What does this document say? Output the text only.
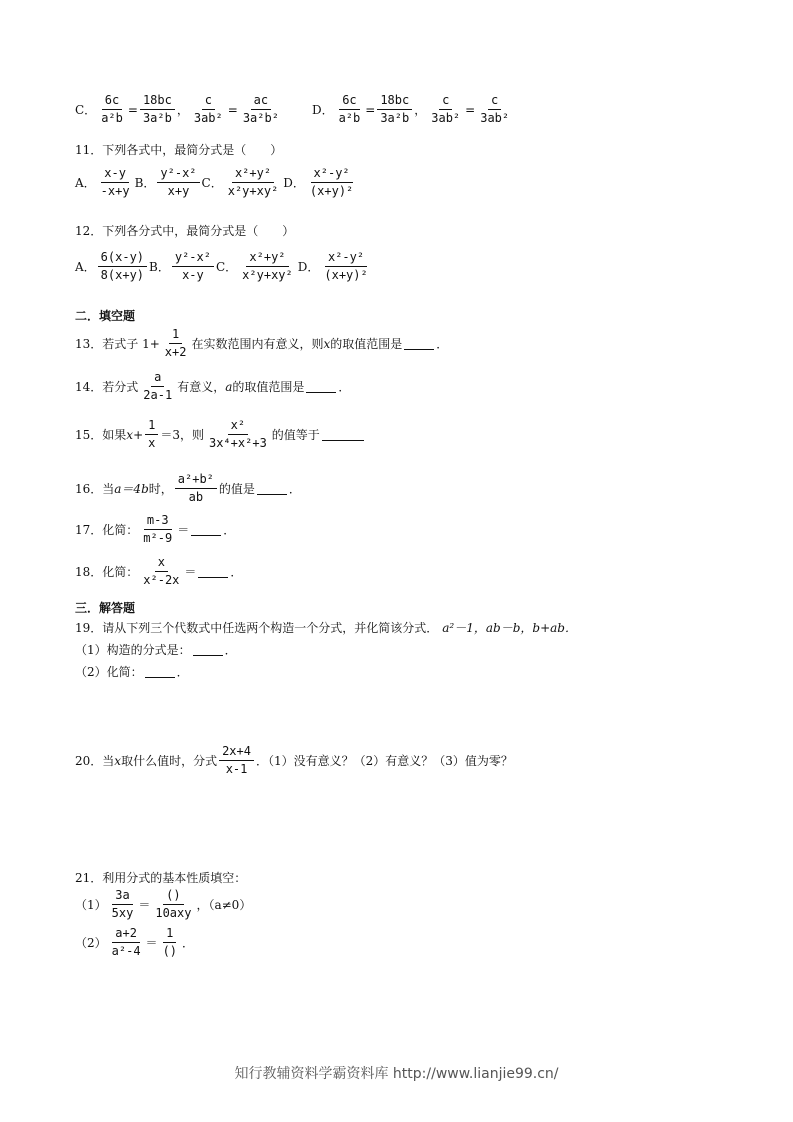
C． $\frac{6c}{\text{a²b}} = \frac{18bc}{\text{3a²b}}$ ， $\frac{c}{\text{3ab²}} = \frac{ac}{\text{3a²b²}}$	D． $\frac{6c}{\text{a²b}} = \frac{18bc}{\text{3a²b}}$ ， $\frac{c}{\text{3ab²}} = \frac{c}{\text{3ab²}}$
11．下列各式中，最简分式是（　　）
A． $\frac{x-y}{-x+y}$ B． $\frac{\text{y²-x²}}{x+y}$ C． $\frac{\text{x²+y²}}{\text{x²y+xy²}}$ D． $\frac{\text{x²-y²}}{\text{(x+y)²}}$
12．下列各分式中，最简分式是（　　）
A． $\frac{6(x-y)}{8(x+y)}$ B． $\frac{\text{y²-x²}}{x-y}$ C． $\frac{\text{x²+y²}}{\text{x²y+xy²}}$ D． $\frac{\text{x²-y²}}{\text{(x+y)²}}$
二．填空题
13．若式子 $1+ \frac{1}{x+2}$ 在实数范围内有意义，则 x 的取值范围是	．
14．若分式 $\frac{a}{2a-1}$ 有意义， a 的取值范围是	．
15．如果 $x + \frac{1}{x} =3$，则 $\frac{\text{x²}}{\text{3x⁴+x²+3}}$ 的值等于
16．当 a＝4b 时， $\frac{\text{a²+b²}}{ab}$ 的值是	．
17．化简： $\frac{m-3}{\text{m²-9}}$ ＝	．
18．化简： $\frac{x}{\text{x²-2x}}$ ＝	．
三．解答题
19．请从下列三个代数式中任选两个构造一个分式，并化简该分式． a²－1，ab－b，b+ab．
（1）构造的分式是：	．
（2）化简：	．
20．当 x 取什么值时，分式 $\frac{2x+4}{x-1}$ ．（1）没有意义？（2）有意义？（3）值为零？
21．利用分式的基本性质填空：
$(1) \frac{3a}{5xy} = \frac{()}{\text{10axy}}$ ，（a≠0）
$(2) \frac{a+2}{\text{a²-4}} = \frac{1}{()}$ ．
知行教辅资料学霸资料库 http://www.lianjie99.cn/
